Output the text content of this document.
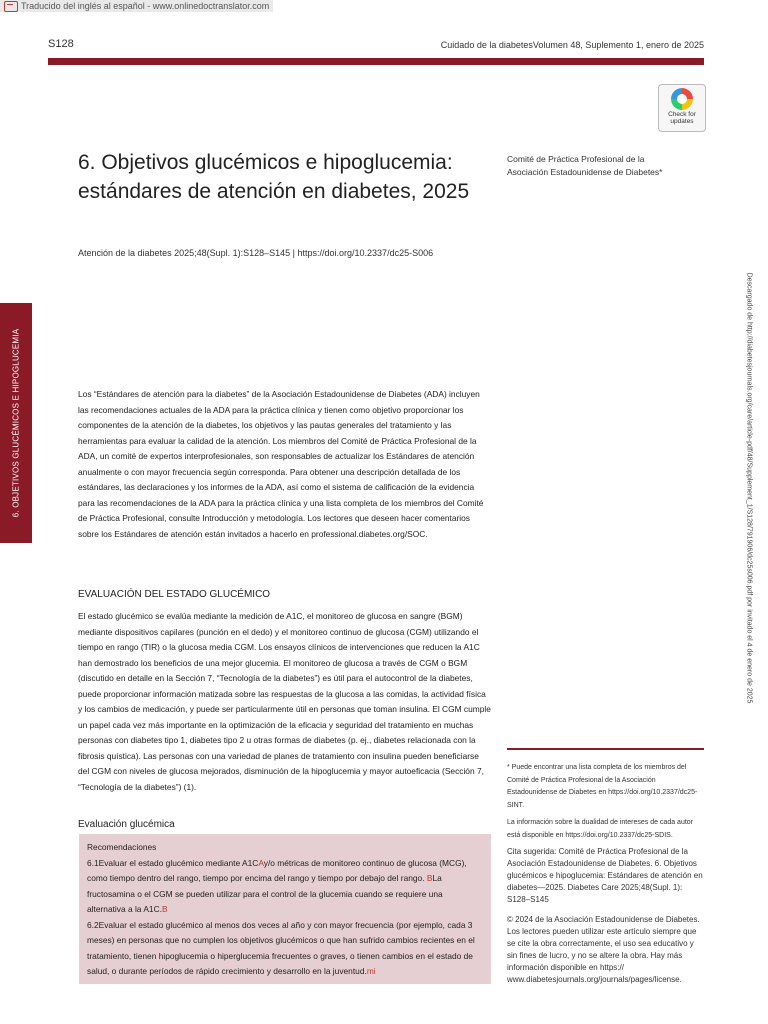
Traducido del inglés al español - www.onlinedoctranslator.com
S128	Cuidado de la diabetesVolumen 48, Suplemento 1, enero de 2025
Check for updates
6. Objetivos glucémicos e hipoglucemia: estándares de atención en diabetes, 2025
Atención de la diabetes 2025;48(Supl. 1):S128–S145 | https://doi.org/10.2337/dc25-S006
Comité de Práctica Profesional de la Asociación Estadounidense de Diabetes*
6. OBJETIVOS GLUCÉMICOS E HIPOGLUCEMIA	Descargado de http://diabetesjournals.org/care/article-pdf/48/Supplement_1/S128/791906/dc25s006.pdf por invitado el 4 de enero de 2025
Los “Estándares de atención para la diabetes” de la Asociación Estadounidense de Diabetes (ADA) incluyen las recomendaciones actuales de la ADA para la práctica clínica y tienen como objetivo proporcionar los componentes de la atención de la diabetes, los objetivos y las pautas generales del tratamiento y las herramientas para evaluar la calidad de la atención. Los miembros del Comité de Práctica Profesional de la ADA, un comité de expertos interprofesionales, son responsables de actualizar los Estándares de atención anualmente o con mayor frecuencia según corresponda. Para obtener una descripción detallada de los estándares, las declaraciones y los informes de la ADA, así como el sistema de calificación de la evidencia para las recomendaciones de la ADA para la práctica clínica y una lista completa de los miembros del Comité de Práctica Profesional, consulte Introducción y metodología. Los lectores que deseen hacer comentarios sobre los Estándares de atención están invitados a hacerlo en professional.diabetes.org/SOC.
EVALUACIÓN DEL ESTADO GLUCÉMICO
El estado glucémico se evalúa mediante la medición de A1C, el monitoreo de glucosa en sangre (BGM) mediante dispositivos capilares (punción en el dedo) y el monitoreo continuo de glucosa (CGM) utilizando el tiempo en rango (TIR) o la glucosa media CGM. Los ensayos clínicos de intervenciones que reducen la A1C han demostrado los beneficios de una mejor glucemia. El monitoreo de glucosa a través de CGM o BGM (discutido en detalle en la Sección 7, “Tecnología de la diabetes”) es útil para el autocontrol de la diabetes, puede proporcionar información matizada sobre las respuestas de la glucosa a las comidas, la actividad física y los cambios de medicación, y puede ser particularmente útil en personas que toman insulina. El CGM cumple un papel cada vez más importante en la optimización de la eficacia y seguridad del tratamiento en muchas personas con diabetes tipo 1, diabetes tipo 2 u otras formas de diabetes (p. ej., diabetes relacionada con la fibrosis quística). Las personas con una variedad de planes de tratamiento con insulina pueden beneficiarse del CGM con niveles de glucosa mejorados, disminución de la hipoglucemia y mayor autoeficacia (Sección 7, “Tecnología de la diabetes”) (1).
Evaluación glucémica
Recomendaciones

6.1Evaluar el estado glucémico mediante A1CAy/o métricas de monitoreo continuo de glucosa (MCG), como tiempo dentro del rango, tiempo por encima del rango y tiempo por debajo del rango. BLa fructosamina o el CGM se pueden utilizar para el control de la glucemia cuando se requiere una alternativa a la A1C.B

6.2Evaluar el estado glucémico al menos dos veces al año y con mayor frecuencia (por ejemplo, cada 3 meses) en personas que no cumplen los objetivos glucémicos o que han sufrido cambios recientes en el tratamiento, tienen hipoglucemia o hiperglucemia frecuentes o graves, o tienen cambios en el estado de salud, o durante períodos de rápido crecimiento y desarrollo en la juventud.mi

* Puede encontrar una lista completa de los miembros del Comité de Práctica Profesional de la Asociación Estadounidense de Diabetes en https://doi.org/10.2337/dc25-SINT.
La información sobre la dualidad de intereses de cada autor está disponible en https://doi.org/10.2337/dc25-SDIS.
Cita sugerida: Comité de Práctica Profesional de la Asociación Estadounidense de Diabetes. 6. Objetivos glucémicos e hipoglucemia: Estándares de atención en diabetes—2025. Diabetes Care 2025;48(Supl. 1): S128–S145
© 2024 de la Asociación Estadounidense de Diabetes. Los lectores pueden utilizar este artículo siempre que se cite la obra correctamente, el uso sea educativo y sin fines de lucro, y no se altere la obra. Hay más información disponible en https:// www.diabetesjournals.org/journals/pages/license.
